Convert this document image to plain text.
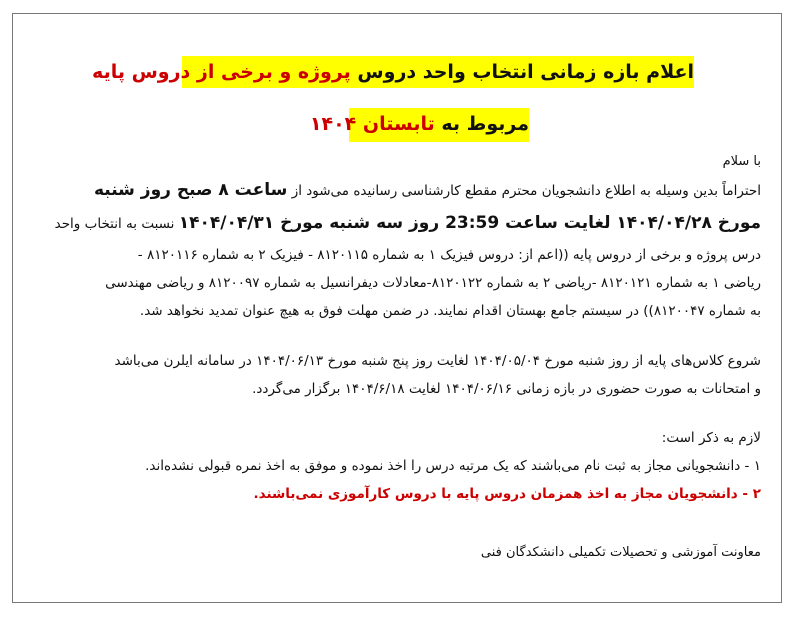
اعلام بازه زمانی انتخاب واحد دروس پروژه و برخی از دروس پایه
مربوط به تابستان ۱۴۰۴
با سلام
احتراماً بدین وسیله به اطلاع دانشجویان محترم مقطع کارشناسی رسانیده می‌شود از ساعت ۸ صبح روز شنبه
مورخ ۱۴۰۴/۰۴/۲۸ لغایت ساعت 23:59 روز سه شنبه مورخ ۱۴۰۴/۰۴/۳۱ نسبت به انتخاب واحد
درس پروژه و برخی از دروس پایه ((اعم از: دروس فیزیک ۱ به شماره ۸۱۲۰۱۱۵ - فیزیک ۲ به شماره ۸۱۲۰۱۱۶ -
ریاضی ۱ به شماره ۸۱۲۰۱۲۱ -ریاضی ۲ به شماره ۸۱۲۰۱۲۲-معادلات دیفرانسیل به شماره ۸۱۲۰۰۹۷ و ریاضی مهندسی
به شماره ۸۱۲۰۰۴۷)) در سیستم جامع بهستان اقدام نمایند. در ضمن مهلت فوق به هیچ عنوان تمدید نخواهد شد.
شروع کلاس‌های پایه از روز شنبه مورخ ۱۴۰۴/۰۵/۰۴ لغایت روز پنج شنبه مورخ ۱۴۰۴/۰۶/۱۳ در سامانه ایلرن می‌باشد
و امتحانات به صورت حضوری در بازه زمانی ۱۴۰۴/۰۶/۱۶ لغایت ۱۴۰۴/۶/۱۸ برگزار می‌گردد.
لازم به ذکر است:
۱ - دانشجویانی مجاز به ثبت نام می‌باشند که یک مرتبه درس را اخذ نموده و موفق به اخذ نمره قبولی نشده‌اند.
۲ - دانشجویان مجاز به اخذ همزمان دروس پایه با دروس کارآموزی نمی‌باشند.
معاونت آموزشی و تحصیلات تکمیلی دانشکدگان فنی
